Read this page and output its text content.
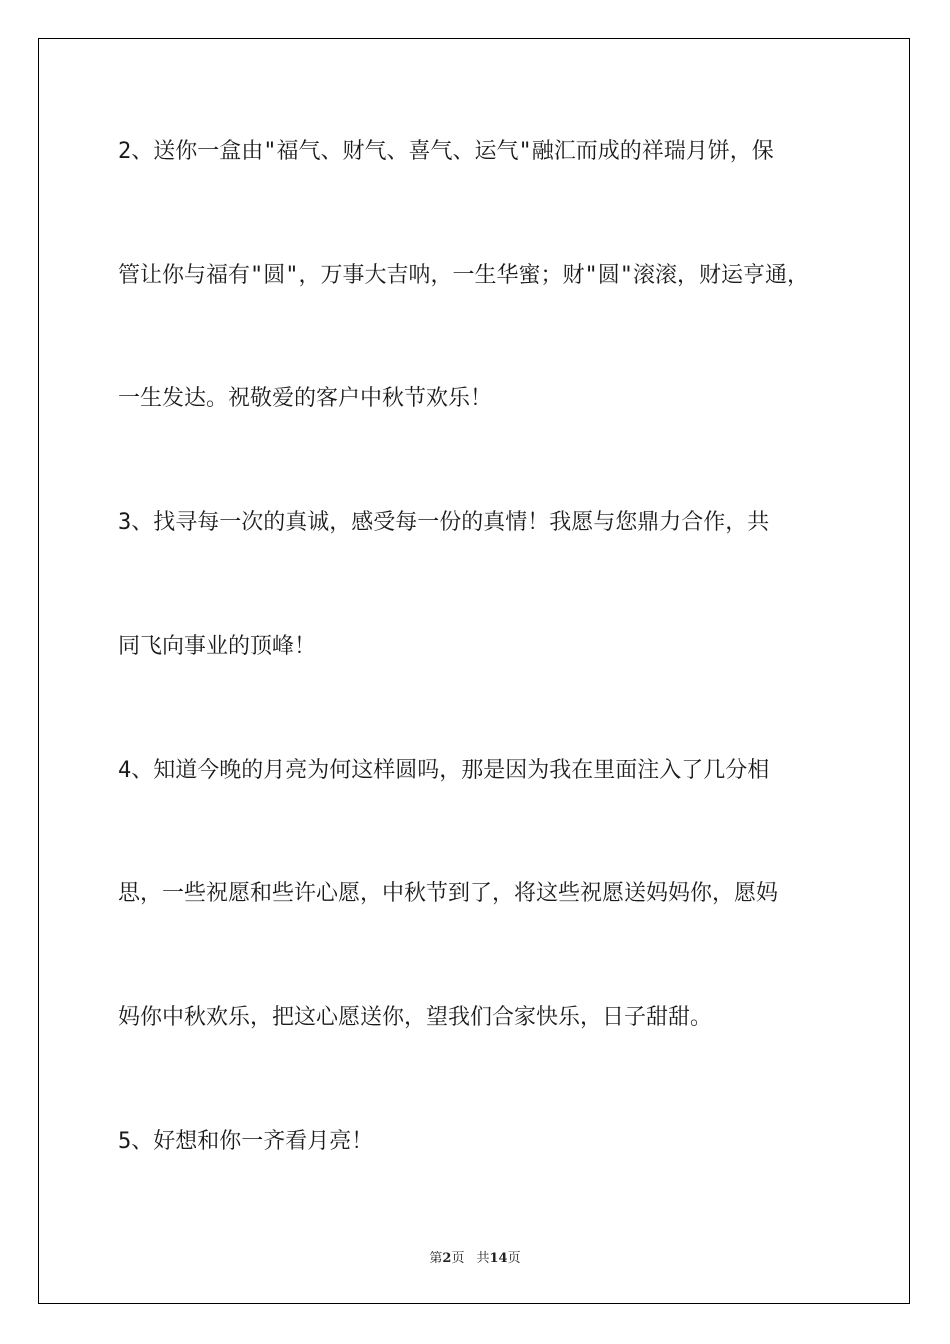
2、送你一盒由"福气、财气、喜气、运气"融汇而成的祥瑞月饼，保

管让你与福有"圆"，万事大吉呐，一生华蜜；财"圆"滚滚，财运亨通，

一生发达。祝敬爱的客户中秋节欢乐！

3、找寻每一次的真诚，感受每一份的真情！我愿与您鼎力合作，共

同飞向事业的顶峰！

4、知道今晚的月亮为何这样圆吗，那是因为我在里面注入了几分相

思，一些祝愿和些许心愿，中秋节到了，将这些祝愿送妈妈你，愿妈

妈你中秋欢乐，把这心愿送你，望我们合家快乐，日子甜甜。

5、好想和你一齐看月亮！

第2页 共14页
